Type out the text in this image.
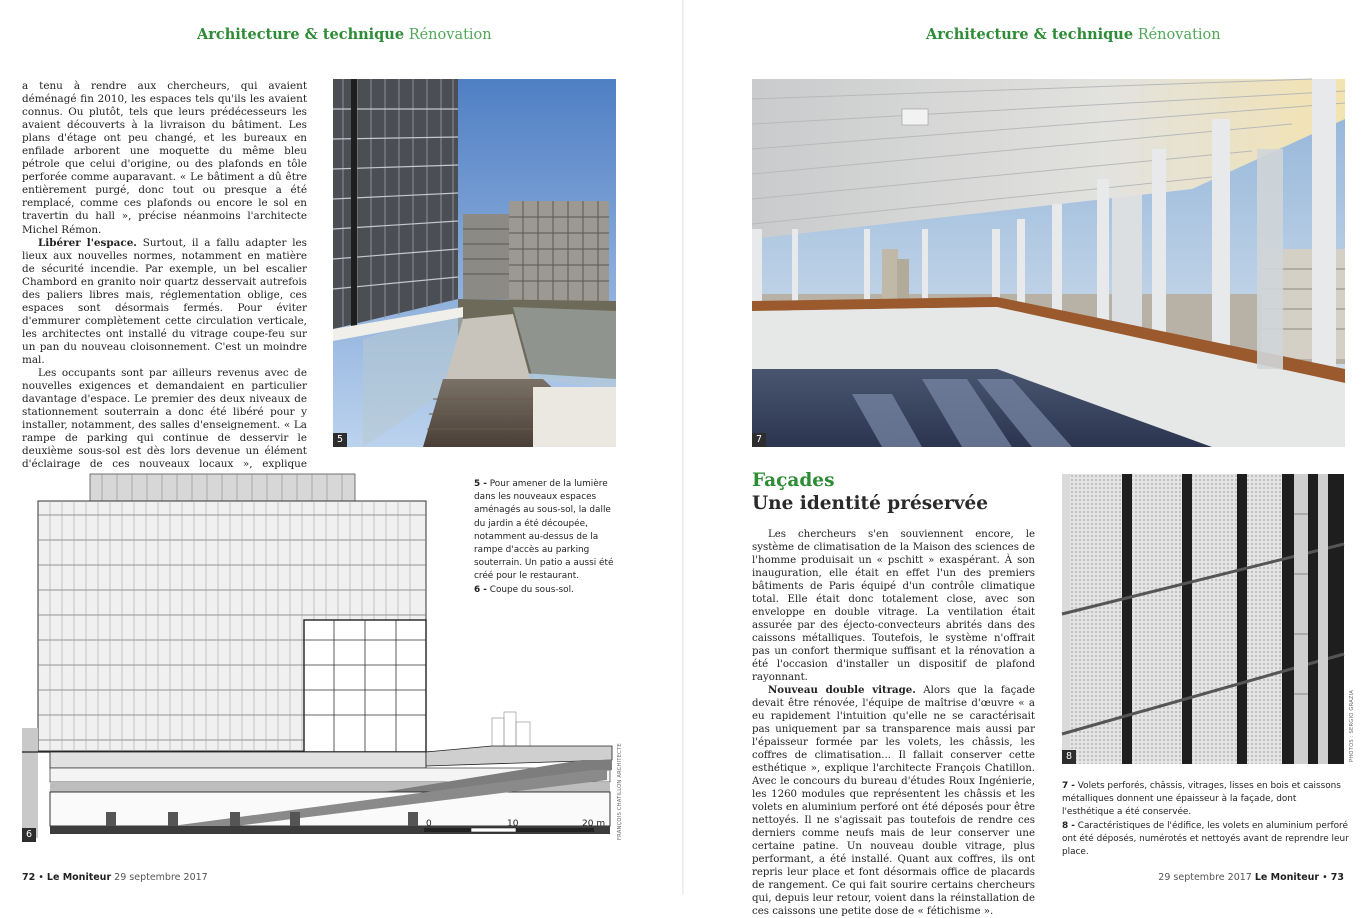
Architecture & technique Rénovation	Architecture & technique Rénovation

a tenu à rendre aux chercheurs, qui avaient déménagé fin 2010, les espaces tels qu'ils les avaient connus. Ou plutôt, tels que leurs prédécesseurs les avaient découverts à la livraison du bâtiment. Les plans d'étage ont peu changé, et les bureaux en enfilade arborent une moquette du même bleu pétrole que celui d'origine, ou des plafonds en tôle perforée comme auparavant. « Le bâtiment a dû être entièrement purgé, donc tout ou presque a été remplacé, comme ces plafonds ou encore le sol en travertin du hall », précise néanmoins l'architecte Michel Rémon.

Libérer l'espace. Surtout, il a fallu adapter les lieux aux nouvelles normes, notamment en matière de sécurité incendie. Par exemple, un bel escalier Chambord en granito noir quartz desservait autrefois des paliers libres mais, réglementation oblige, ces espaces sont désormais fermés. Pour éviter d'emmurer complètement cette circulation verticale, les architectes ont installé du vitrage coupe-feu sur un pan du nouveau cloisonnement. C'est un moindre mal.

Les occupants sont par ailleurs revenus avec de nouvelles exigences et demandaient en particulier davantage d'espace. Le premier des deux niveaux de stationnement souterrain a donc été libéré pour y installer, notamment, des salles d'enseignement. « La rampe de parking qui continue de desservir le deuxième sous-sol est dès lors devenue un élément d'éclairage de ces nouveaux locaux », explique

5
0	10	20 m
6	FRANÇOIS CHATILLON ARCHITECTE
5 - Pour amener de la lumière dans les nouveaux espaces aménagés au sous-sol, la dalle du jardin a été découpée, notamment au-dessus de la rampe d'accès au parking souterrain. Un patio a aussi été créé pour le restaurant.
6 - Coupe du sous-sol.
7
Façades
Une identité préservée

Les chercheurs s'en souviennent encore, le système de climatisation de la Maison des sciences de l'homme produisait un « pschitt » exaspérant. À son inauguration, elle était en effet l'un des premiers bâtiments de Paris équipé d'un contrôle climatique total. Elle était donc totalement close, avec son enveloppe en double vitrage. La ventilation était assurée par des éjecto-convecteurs abrités dans des caissons métalliques. Toutefois, le système n'offrait pas un confort thermique suffisant et la rénovation a été l'occasion d'installer un dispositif de plafond rayonnant.

Nouveau double vitrage. Alors que la façade devait être rénovée, l'équipe de maîtrise d'œuvre « a eu rapidement l'intuition qu'elle ne se caractérisait pas uniquement par sa transparence mais aussi par l'épaisseur formée par les volets, les châssis, les coffres de climatisation... Il fallait conserver cette esthétique », explique l'architecte François Chatillon. Avec le concours du bureau d'études Roux Ingénierie, les 1260 modules que représentent les châssis et les volets en aluminium perforé ont été déposés pour être nettoyés. Il ne s'agissait pas toutefois de rendre ces derniers comme neufs mais de leur conserver une certaine patine. Un nouveau double vitrage, plus performant, a été installé. Quant aux coffres, ils ont repris leur place et font désormais office de placards de rangement. Ce qui fait sourire certains chercheurs qui, depuis leur retour, voient dans la réinstallation de ces caissons une petite dose de « fétichisme ».

8	PHOTOS : SERGIO GRAZIA
7 - Volets perforés, châssis, vitrages, lisses en bois et caissons métalliques donnent une épaisseur à la façade, dont l'esthétique a été conservée.
8 - Caractéristiques de l'édifice, les volets en aluminium perforé ont été déposés, numérotés et nettoyés avant de reprendre leur place.
72 • Le Moniteur 29 septembre 2017	29 septembre 2017 Le Moniteur • 73
